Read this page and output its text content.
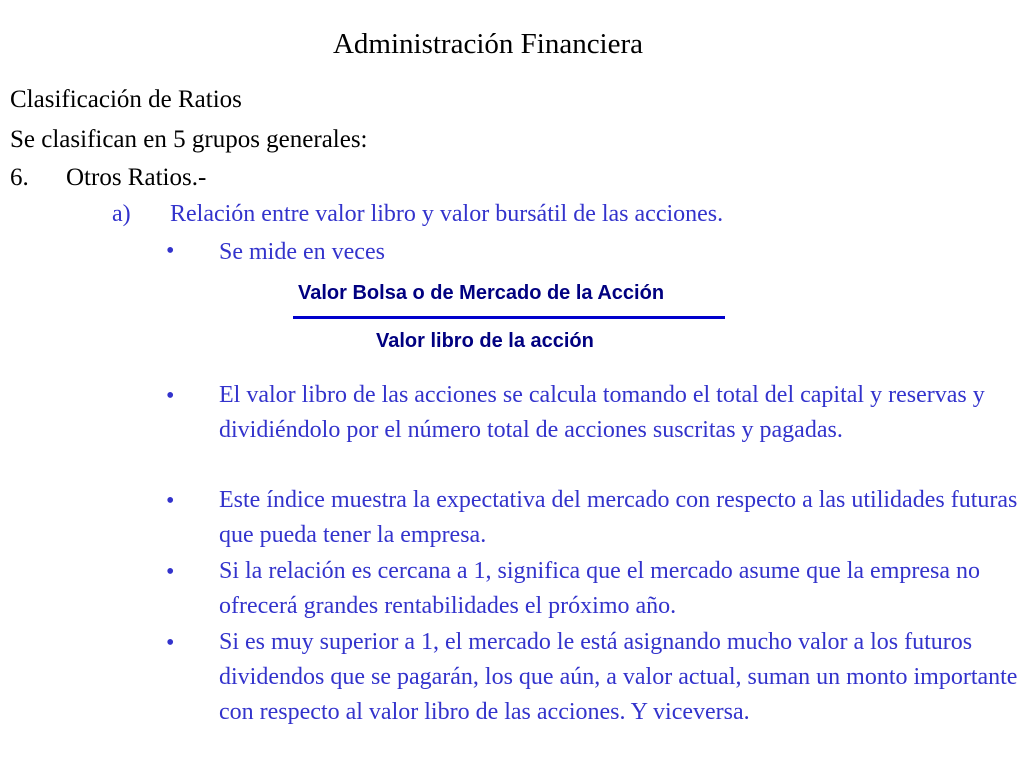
Administración Financiera
Clasificación de Ratios
Se clasifican en 5 grupos generales:
6. Otros Ratios.-
a) Relación entre valor libro y valor bursátil de las acciones.
• Se mide en veces
Valor Bolsa o de Mercado de la Acción
Valor libro de la acción
• El valor libro de las acciones se calcula tomando el total del capital y reservas y dividiéndolo por el número total de acciones suscritas y pagadas.
• Este índice muestra la expectativa del mercado con respecto a las utilidades futuras que pueda tener la empresa.
• Si la relación es cercana a 1, significa que el mercado asume que la empresa no ofrecerá grandes rentabilidades el próximo año.
• Si es muy superior a 1, el mercado le está asignando mucho valor a los futuros dividendos que se pagarán, los que aún, a valor actual, suman un monto importante con respecto al valor libro de las acciones. Y viceversa.
